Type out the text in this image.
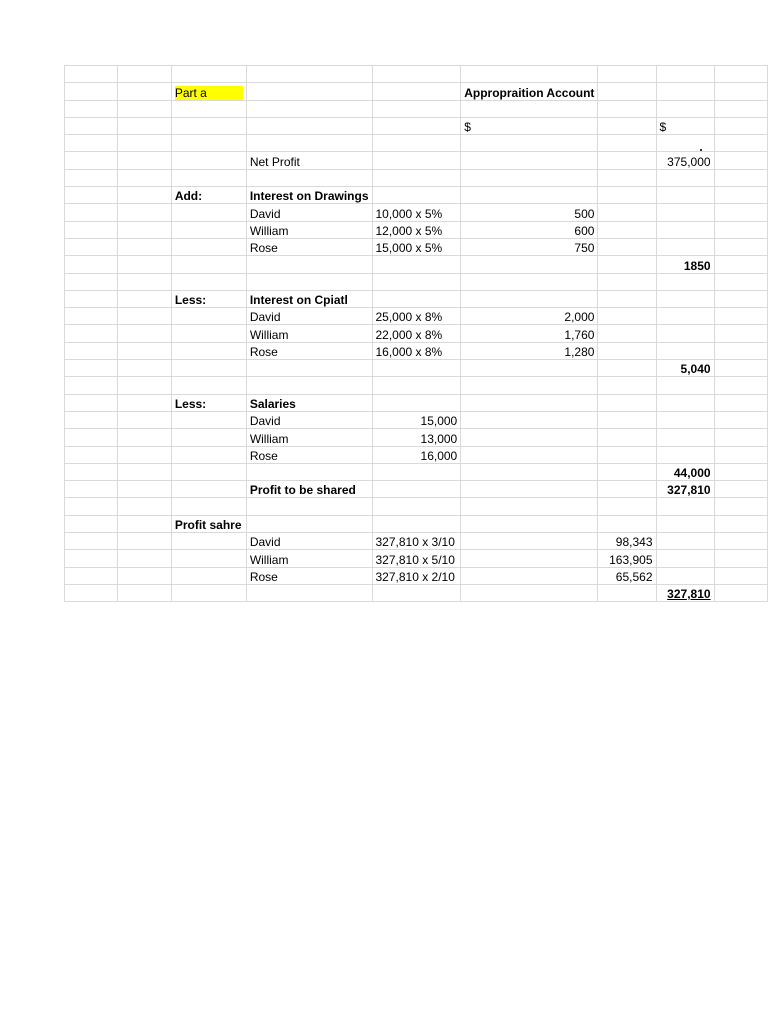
		Part a			Appropraition Account			

					$		$	

			Net Profit				375,000	

		Add:	Interest on Drawings					
			David	10,000 x 5%	500			
			William	12,000 x 5%	600			
			Rose	15,000 x 5%	750			
							1850	

		Less:	Interest on Cpiatl					
			David	25,000 x 8%	2,000			
			William	22,000 x 8%	1,760			
			Rose	16,000 x 8%	1,280			
							5,040	

		Less:	Salaries					
			David	15,000				
			William	13,000				
			Rose	16,000				
							44,000	
			Profit to be shared				327,810	

		Profit sahre						
			David	327,810 x 3/10		98,343		
			William	327,810 x 5/10		163,905		
			Rose	327,810 x 2/10		65,562		
							327,810	
